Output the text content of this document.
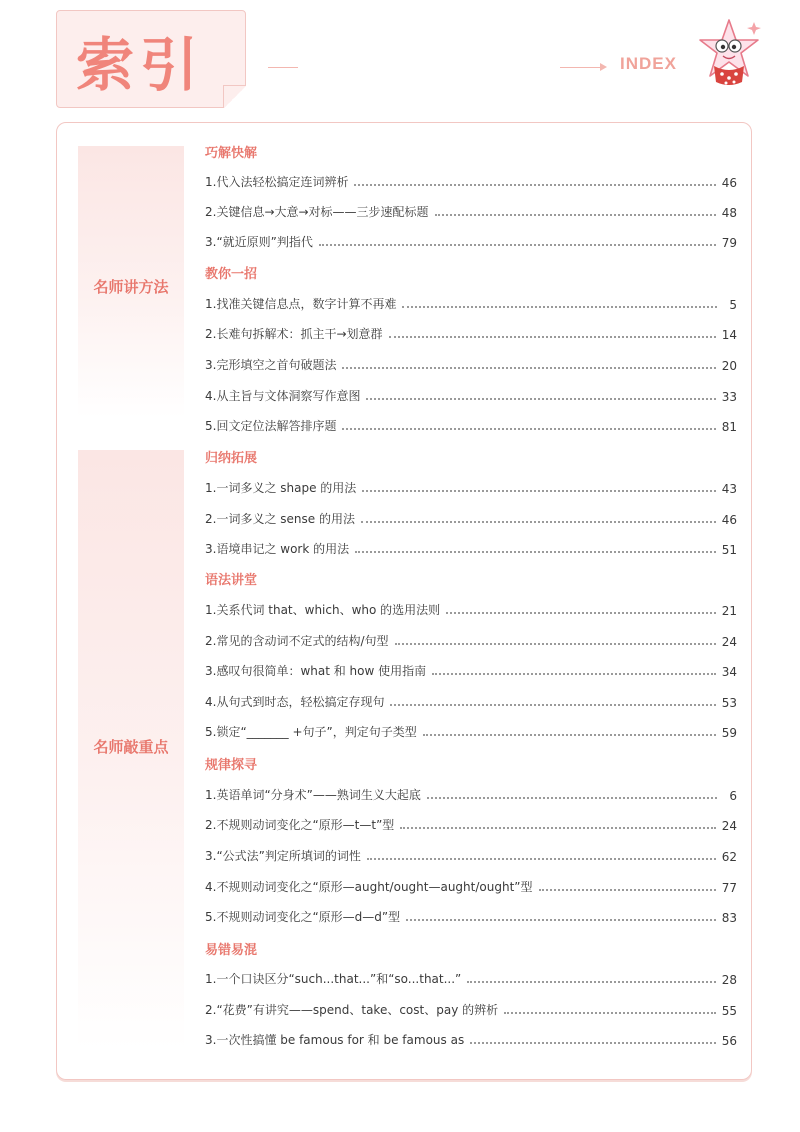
索引	INDEX
名师讲方法
名师敲重点
巧解快解
1.代入法轻松搞定连词辨析	46
2.关键信息→大意→对标——三步速配标题	48
3.“就近原则”判指代	79
教你一招
1.找准关键信息点，数字计算不再难	5
2.长难句拆解术：抓主干→划意群	14
3.完形填空之首句破题法	20
4.从主旨与文体洞察写作意图	33
5.回文定位法解答排序题	81
归纳拓展
1.一词多义之 shape 的用法	43
2.一词多义之 sense 的用法	46
3.语境串记之 work 的用法	51
语法讲堂
1.关系代词 that、which、who 的选用法则	21
2.常见的含动词不定式的结构/句型	24
3.感叹句很简单：what 和 how 使用指南	34
4.从句式到时态，轻松搞定存现句	53
5.锁定“_______ +句子”，判定句子类型	59
规律探寻
1.英语单词“分身术”——熟词生义大起底	6
2.不规则动词变化之“原形—t—t”型	24
3.“公式法”判定所填词的词性	62
4.不规则动词变化之“原形—aught/ought—aught/ought”型	77
5.不规则动词变化之“原形—d—d”型	83
易错易混
1.一个口诀区分“such...that...”和“so...that...”	28
2.“花费”有讲究——spend、take、cost、pay 的辨析	55
3.一次性搞懂 be famous for 和 be famous as	56
